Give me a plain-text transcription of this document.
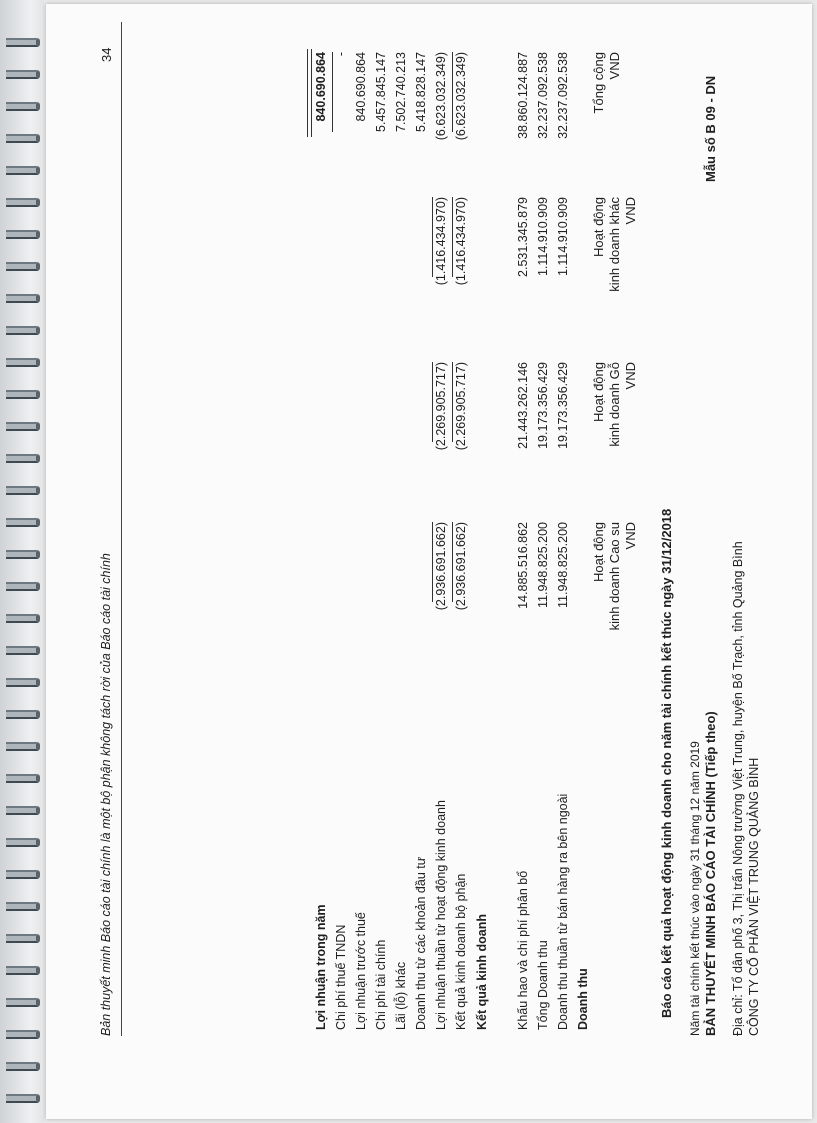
CÔNG TY CỔ PHẦN VIỆT TRUNG QUẢNG BÌNH
Địa chỉ: Tổ dân phố 3, Thị trấn Nông trường Việt Trung, huyện Bố Trạch, tỉnh Quảng Bình
BẢN THUYẾT MINH BÁO CÁO TÀI CHÍNH (Tiếp theo)
Năm tài chính kết thúc vào ngày 31 tháng 12 năm 2019
Mẫu số B 09 - DN
Báo cáo kết quả hoạt động kinh doanh cho năm tài chính kết thúc ngày 31/12/2018
Hoạt động kinh doanh Cao su VND
Hoạt động kinh doanh Gỗ VND
Hoạt động kinh doanh khác VND
Tổng cộng VND
Doanh thu
Doanh thu thuần từ bán hàng ra bên ngoài
11.948.825.200
19.173.356.429
1.114.910.909
32.237.092.538
Tổng Doanh thu
11.948.825.200
19.173.356.429
1.114.910.909
32.237.092.538
Khấu hao và chi phí phân bổ
14.885.516.862
21.443.262.146
2.531.345.879
38.860.124.887
Kết quả kinh doanh
Kết quả kinh doanh bộ phận
(2.936.691.662)
(2.269.905.717)
(1.416.434.970)
(6.623.032.349)
Lợi nhuận thuần từ hoạt động kinh doanh
(2.936.691.662)
(2.269.905.717)
(1.416.434.970)
(6.623.032.349)
Doanh thu từ các khoản đầu tư
5.418.828.147
Lãi (lỗ) khác
7.502.740.213
Chi phí tài chính
5.457.845.147
Lợi nhuận trước thuế
840.690.864
Chi phí thuế TNDN
-
Lợi nhuận trong năm
840.690.864
Bản thuyết minh Báo cáo tài chính là một bộ phận không tách rời của Báo cáo tài chính
34
